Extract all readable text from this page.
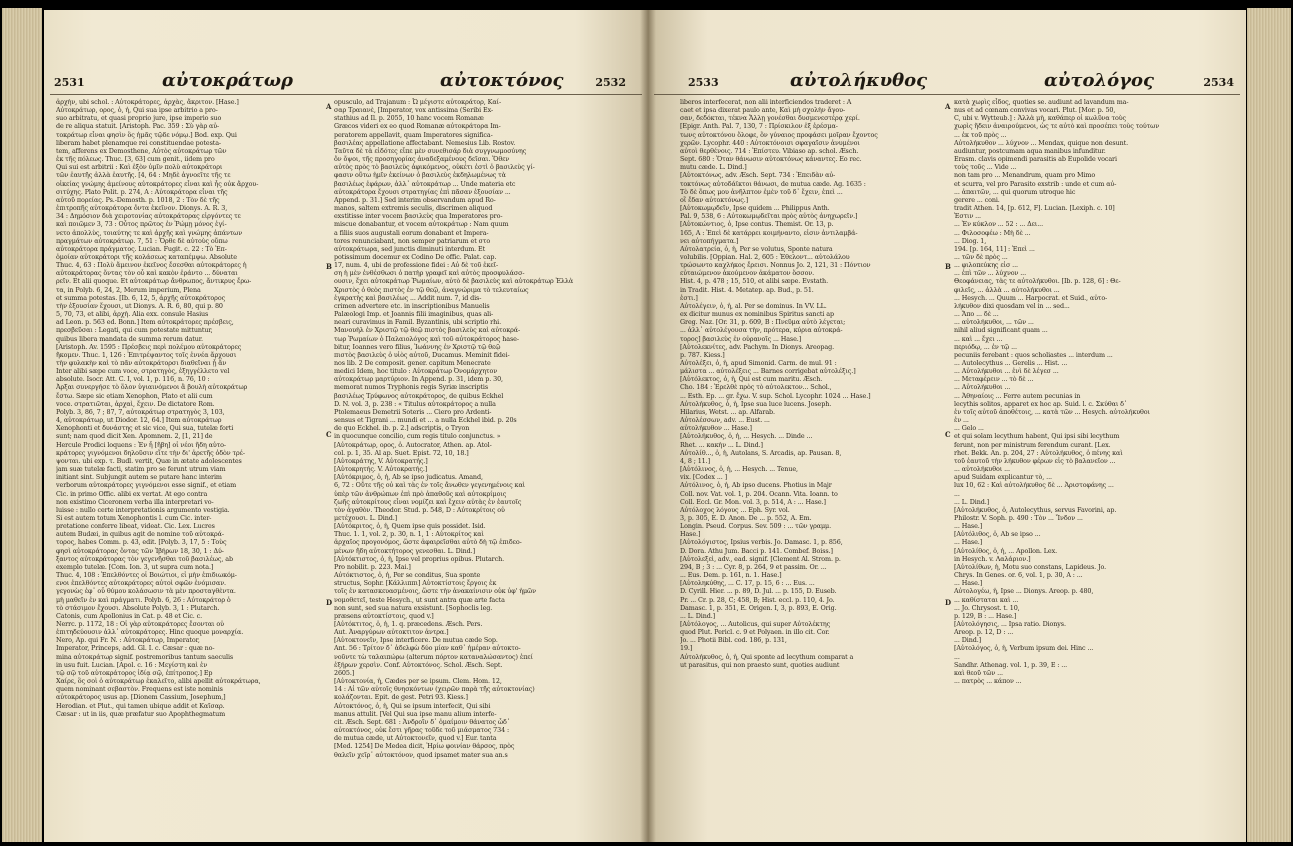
2531	αὐτοκράτωρ	αὐτοκτόνος	2532
ἀρχὴν, ubi schol. : Αὐτοκράτορες, ἀρχὰς, ἄκριτον. [Hase.]
Αὐτοκράτωρ, ορος, ὁ, ἡ, Qui sua ipse arbitrio a pro-
suo arbitratu, et quasi proprio jure, ipse imperio suo
de re aliqua statuit. [Aristoph. Pac. 359 : Σὺ γὰρ αὐ-
τοκράτωρ εἶναι φησὶν ὃς ἡμᾶς τῷδε νόμῳ.] Bod. exp. Qui
liberam habet plenamque rei constituendae potesta-
tem, afferens ex Demosthene, Αὐτὸς αὐτοκράτωρ τῶν
ἐκ τῆς πόλεως. Thuc. [3, 63] cum genit., iidem pro
Qui sui est arbitrii : Καὶ ἐξὸν ὑμῖν πολὺ αὐτοκράτορι
τῶν ἐαυτῆς ἀλλὰ ἑαυτῆς. [4, 64 : Μηδὲ ἀγνοεῖτε τῆς τε
οἰκείας γνώμης ἀμείνους αὐτοκράτορες εἶναι καὶ ἧς οὐκ ἄρχου-
σιτύχης. Plato Polit. p. 274, A : Αὐτοκράτορα εἶναι τῆς
αὐτοῦ πορείας. Ps.-Demosth. p. 1018, 2 : Τὸν δὲ τῆς
ἐπιτροπῆς αὐτοκράτορα ὄντα ἐκεῖνον. Dionys. A. R. 3,
34 : Δημόσιον διὰ χειροτονίας αὐτοκράτορας εἰργόντες τε
καὶ ποιῶμεν 3, 73 : Οὗτος πρῶτος ἐν Ῥώμῃ μόνος ἐγί-
νετο ἀπολλὺς, τοιαύτης τε καὶ ἀρχῆς καὶ γνώμης ἁπάντων
πραγμάτων αὐτοκράτωρ. 7, 51 : Ὅρθε δὲ αὐτοὺς οὔπω
αὐτοκράτορα πράγματος. Lucian. Fugit. c. 22 : Τὸ Ἐπ-
ὁμοίαν αὐτοκράτορι τῆς κολάσεως καταπέμψω. Absolute
Thuc. 4, 63 : Πολὺ ἄμεινον ἐκεῖνος ἔσεσθαι αὐτοκράτορες ἡ
αὐτοκράτορας ὄντας τὸν οὖ καὶ κακὸν ἐράντο ... δύναται
ρεῖν. Et alii quoque. Et αὐτοκράτωρ ἄνθρωπος, ἄντικρυς ἔρω-
τα, in Polyb. 6, 24, 2, Merum imperium, Plena
et summa potestas. [Ib. 6, 12, 5, ἀρχῆς αὐτοκράτορος
τὴν ἐξουσίαν ἔχουσι, ut Dionys. A. R. 6, 80, qui p. 80
5, 70, 73, et alibi, ἀρχὴ. Alia exx. consule Hasius
ad Leon. p. 563 ed. Bonn.] Item αὐτοκράτορες πρέσβεις,
πρεσβεῦσαι : Legati, qui cum potestate mittuntur,
quibus libera mandata de summa rerum datur.
[Aristoph. Av. 1595 : Πρέσβεις περὶ πολέμου αὐτοκράτορες
ἥκομεν. Thuc. 1, 126 : Ἐπιτρέψαντος τοῖς ἐννέα ἄρχουσι
τὴν φυλακὴν καὶ τὸ πᾶν αὐτοκράτορσι διαθεῖναι ᾗ ἄν
Inter alibi sæpe cum voce, στρατηγὸς, ἐξηγγέλλετο vel
absolute. Isocr. Att. C. I, vol. 1, p. 116, n. 76, 10 :
Ἀρξαι συνεργήσε τὸ ὅλον ὑγιαινόμενοι ἃ βουλὴ αὐτοκράτωρ
ἔστω. Sæpe sic etiam Xenophon, Plato et alii cum
voce. στρατιῶται, ἀρχαὶ, ἔχειν. De dictatore Rom.
Polyb. 3, 86, 7 ; 87, 7, αὐτοκράτωρ στρατηγὸς 3, 103,
4, αὐτοκράτωρ, ut Diodor. 12, 64.] Item αὐτοκράτωρ
Xenophonti et δυνάστης et sic vice, Qui sua, tutelæ forti
sunt; nam quod dicit Xen. Apomnem. 2, [1, 21] de
Hercule Prodici loquens : Ἐν ἧ [ἥβη] οἱ νέοι ἤδη αὐτο-
κράτορες γιγνόμενοι δηλοῦσιν εἴτε τὴν δι' ἀρετῆς ὁδὸν τρέ-
ψονται. ubi exp. τ. Budl. vertit, Quæ in ætate adolescentes
jam suæ tutelæ facti, statim pro se ferunt utrum viam
initiant sint. Subjungit autem se putare hanc interim
verborum αὐτοκράτορες γιγνόμενοι esse signif., et etiam
Cic. in primo Offic. alibi ex vertat. At ego contra
non existimo Ciceronem verba illa interpretari vo-
luisse : nullo certe interpretationis argumento vestigia.
Si est autem totum Xenophontis l. cum Cic. inter-
pretatione conferre libeat, videat. Cic. Lex. Lucres
autem Budæi, in quibus agit de nomine τοῦ αὐτοκρά-
τορος, habes Comm. p. 43, edit. [Polyb. 3, 17, 5 : Τοὺς
φησὶ αὐτοκράτορας ὄντας τῶν Ἰβήρων 18, 30, 1 : Δύ-
ξαντος αὐτοκράτορας τὸν γεγενῆσθαι τοῦ βασιλέως, ab
exemplo tutelæ. [Com. Ion. 3, ut supra cum nota.]
Thuc. 4, 108 : Ἐπελθόντες οἱ Βοιώτιοι, εἰ μὴν ἐπιδιωκόμ-
ενοι ἐπελθόντες αὐτοκράτορες αὐτοὶ σφῶν ἐνόμισαν.
γεγονὼς ἐφ᾽ οὗ θύμου κολάσωσιν τὰ μὲν προσταγθὲντα.
μὴ μαθεῖν ἐν καὶ πράγματι. Polyb. 6, 26 : Αὐτοκράτορ ὁ
τὸ στάσιμον ἔχουσι. Absolute Polyb. 3, 1 : Plutarch.
Catonis, cum Apollonius in Cat. p. 48 et Cic. c.
Nerrc. p. 1172, 18 : Οἱ γὰρ αὐτοκράτορες ἔσονται οὐ
ἐπιτηδεύουσιν ἀλλ᾽ αὐτοκράτορες. Hinc quoque μοναρχία.
Nero, Ap. qui Fr. N. : Αὐτοκράτωρ, Imperator,
Imperator, Princeps, add. Gl. I. c. Cæsar : quæ no-
mina αὐτοκράτωρ signif. postremoribus tantum saeculis
in usu fuit. Lucian. [Apol. c. 16 : Μεγίστη καὶ ἐν
τῷ σῷ τοῦ αὐτοκράτορος ἰδίᾳ σῷ, ἐπίτροπος.] Ep
Χαίρε, ὃς σοὶ ὁ αὐτοκράτωρ ἐκαλεῖτο, alibi apellit αὐτοκράτωρα,
quem nominant σεβαστὸν. Frequens est iste nominis
αὐτοκράτορος usus ap. [Dionem Cassium, Josephum,]
Herodian. et Plut., qui tamen ubique addit et Καῖσαρ.
Cæsar : ut in iis, quæ præfatur suo Apophthegmatum
opusculo, ad Trajanum : Ὦ μέγιστε αὐτοκράτορ, Καί-
σαρ Τραιανὲ, [Imperator, vox antissima (Seribi Ex-
stathius ad Il. p. 2055, 10 hanc vocem Romanæ
Græcos videri ex eo quod Romanæ αὐτοκράτορα Im-
peratorem appellavit, quam Imperatores significa-
βασιλέας appellatione affectabant. Nemesius Lib. Rostov.
Ταῦτα δὲ τὰ εἰδότες εἶπε μὲν συνεθισάρ διὰ συγγνωμοσύνης
ὄν ὄψοι, τῆς προσηγορίας ἀναδεξαμένους δεῖσαι. Ὅθεν
αὐτὸς πρὸς τὸ βασιλεὺς ἀφικόμενος, οὐκέτι ἐστὶ ὁ βασιλεὺς γί-
φασιν οὕτω ἡμῖν ἐκείνων ὁ βασιλεὺς ἐκδηλωμένως τὰ
βασιλέως ἐφάρων, ἀλλ᾽ αὐτοκράτωρ ... Unde materia etc
αὐτοκράτορα ἔχουσι στρατηγίας ἐπὶ πᾶσαν ἐξουσίαν ...
Append. p. 31.] Sed interim observandum apud Ro-
manos, saltem extremis seculis, discrimen aliquod
exstitisse inter vocem βασιλεὺς qua Imperatores pro-
miscue donabantur, et vocem αὐτοκράτωρ : Nam quum
a filiis suos augustali eorum donabant et Impera-
tores renunciabant, non semper patriarum et στο
αὐτοκράτωρα, sed junctis diminuti interdum. Et
potissimum docemur ex Codino De offic. Palat. cap.
17, num. 4, ubi de professione fidei : Αὐ δὲ τοῦ ἐκεῖ-
ση ἡ μὲν ἐνθέσθωσι ὁ πατὴρ γραφεῖ καὶ αὐτὸς προσφυλάσσ-
ουσιν, ἔχει αὐτοκράτωρ Ῥωμαίων, αὐτὸ δὲ βασιλεὺς καὶ αὐτοκράτωρ Ἐλλὰ
Χριστὸς ὁ θεὸς πιστὸς ἐν τῷ θεῷ, ἀναγνώριμα τὸ τελευταίως
ἐγκρατὴς καὶ βασιλέως ... Addit num. 7, id dis-
crimen advertere etc. in inscriptionibus Manuelis
Palæologi Imp. et Joannis filii imaginibus, quas ali-
neari curavimus in Famil. Byzantinis, ubi scriptio rhi.
Μανουὴλ ἐν Χριστῷ τῷ θεῷ πιστὸς βασιλεὺς καὶ αὐτοκρά-
τωρ Ῥωμαίων ὁ Παλαιολόγος καὶ τοῦ αὐτοκράτορος hase-
bitur, Ioannes vero filius, Ἰωάννης ἐν Χριστῷ τῷ θεῷ
πιστὸς βασιλεὺς ὁ υἱὸς αὐτοῦ, Ducamus. Meminit fidei-
nos lib. 2 De composit. gener. capitum Menecrate
medici Idem, hoc titulo : Αὐτοκράτωρ Ὀνομάρχητον
αὐτοκράτωρ μαρτύριον. In Append. p. 31, idem p. 30,
memorat numos Tryphonis regis Syriæ inscriptis
βασιλέως Τρύφωνος αὐτοκράτορος, de quibus Eckhel
D. N. vol. 3, p. 238 : « Titulus αὐτοκράτορος a nulla
Ptolemaeus Demetrii Soteris ... Ciero pro Ardenti-
sensus et Tigrani ... mundi et ... a nulla Eckhel ibid. p. 20s
de quo Eckhel. ib. p. 2.] adscriptis, o Tryon
in quocunque concilio, cum regis titulo conjunctus. »
[Αὐτοκράτωρ, ορος, ὁ. Autocrator, Athen. ap. Atol-
col. p. 1, 35. Al ap. Suet. Epist. 72, 10, 18.]
[Αὐτοκράτης, V. Αὐτοκρατής.]
[Αὐτοκρητής. V. Αὐτοκρατής.]
[Αὐτόκριμος, ὁ, ἡ, Ab se ipso judicatus. Amand,
6, 72 : Οὔτε τῆς οὐ καὶ τὰς ἐν τοῖς ἄνωθεν γεγενημένοις καὶ
ὑπὲρ τῶν ἀνθρώπων ἐπὶ πρὸ ἀπαθοῦς καὶ αὐτοκρίμοις
ζωῆς αὐτοκρίτους εἶναι νομίζει καὶ ἔχειν αὐτὰς ἐν ἑαυτοῖς
τὸν ἀγαθὸν. Theodor. Stud. p. 548, D : Αὐτοκρίτοις οὐ
μετέχουσι. L. Dind.]
[Αὐτόκριτος, ὁ, ἡ, Quem ipse quis possidet. Isid.
Thuc. 1. 1, vol. 2, p. 30, n. 1, 1 : Αὐτοκρίτος καὶ
ἀρχαῖος προγονόμος, ὥστε ἀφαιρεῖσθαι αὐτὸ δὴ τῷ ἐπιδεο-
μένων ἤδη αὐτοκτήτορος γενεσθαι. L. Dind.]
[Αὐτόκτιστος, ὁ, ἡ, Ipse vel proprius opibus. Plutarch.
Pro nobilit. p. 223. Mai.]
Αὐτόκτιστος, ὁ, ἡ, Per se conditus, Sua sponte
structus, Sophr. [Κάλλιππι] Αὐτοκτίστοις ἔργοις ἐκ
τοῖς ἐν κατασκευασμένοις, ὥστε τὴν ἀνακαίνισιν οὐκ ὑφ' ἡμῶν
νομοθετεῖ, teste Hesych., ut sunt antra quæ arte facta
non sunt, sed sua natura exsistunt. [Sophoclis leg.
præsens αὐτοκτίστοις, quod v.]
[Αὐτόκτιτος, ὁ, ἡ, 1. q. præcedens. Æsch. Pers.
Aut. Ἀναργύρων αὐτοκτιτον ἀντρα.]
[Αὐτοκτονεῖν, Ipse interficere. De mutua cæde Sop.
Ant. 56 : Τρίτον δ᾽ ἀδελφὼ δύο μίαν καθ᾽ ἡμέραν αὐτοκτο-
νοῦντε τὼ ταλαιπώρω (alterum πόρτον καταναλώσαντος) ἐπεί
ἐξήρων χερσὶν. Conf. Αὐτοκτόνος. Schol. Æsch. Sept.
2605.]
[Αὐτοκτονία, ἡ, Cædes per se ipsum. Clem. Hom. 12,
14 : Αἱ τῶν αὐτοῖς θνησκόντων (χειρῶν παρὰ τῆς αὐτοκτονίας)
κολάζονται. Epit. de gest. Petri 93. Kiess.]
Αὐτοκτόνος, ὁ, ἡ, Qui se ipsum interfecit, Qui sibi
manus attulit. [Vel Qui sua ipse manu alium interfe-
cit. Æsch. Sept. 681 : Ἀνδροῖν δ᾽ ὁμαίμοιν θάνατος ὧδ᾽
αὐτοκτόνος, οὐκ ἔστι γῆρας τοῦδε τοῦ μιάσματος 734 :
de mutua cæde, ut Αὐτοκτονεῖν, quod v.] Eur. tanta
[Med. 1254] De Medea dicit, Ἠρίω φοινίαν θάρσος, πρὸς
θαλεῖν χεῖρ᾽ αὐτοκτόνον, quod ipsamet mater sua an.s
A
B
C
D
2533	αὐτολήκυθος	αὐτολόγος	2534
liberos interfecerat, non alii interficiendos traderet : A
caet et ipsa dixerat paulo ante, Καὶ μὴ σχολὴν ἄγου-
σαν, δεδόκται, τέκνα Ἄλλῃ γονέσθαι δυσμενεστέρᾳ χερί.
[Epigr. Anth. Pal. 7, 130, 7 : Πρίσκιλον ἐξ ἐρέσμα-
τωνς αὐτοκτόνου ὅλοφε, ὃν γύναιος προφάσει μοῖραν ἔχοντος
χερῶν. Lycophr. 440 : Αὐτοκτόνοισι σφαγαῖσιν ἀνυμένοι
αὐτοὶ θερθένοις. 714 : Ἐπίστευ. Vibiaso ap. schol. Æsch.
Sept. 680 : Ὅταν θάνωσιν αὐτοκτόνως κάναντες. Eo rec.
mutu cæde. L. Dind.]
[Αὐτοκτόνως, adv. Æsch. Sept. 734 : Ἐπειδὰν αὐ-
τοκτόνως αὐτοδάϊκτοι θάνωσι, de mutua cæde. Ag. 1635 :
Τὸ δὲ ὅπως μου ἀνῆλπτον ἐμὲν τοῦ δ᾽ ἔχειν, ἐπεὶ ...
οἳ ἔδαν αὐτοκτόνως.]
[Αὐτοκωμῳδεῖν, Ipse quidem ... Philippus Anth.
Pal. 9, 538, 6 : Αὐτοκωμῳδεῖται πρὸς αὐτὸς ἀνηχωρεῖν.]
[Αὐτοκώντιος, ὁ, Ipse contus. Themist. Or. 13, p.
165, A : Ἐπεὶ δὲ κατάρρει κοιμήναντο, εἰσιν ἀντιλαμβά-
νει αὐτοπήγματα.]
Αὐτολατρεία, ὁ, ἡ, Per se volutus, Sponte natura
volubilis. [Oppian. Hal. 2, 605 : Ἐθελοντ... αὐτολάλου
τρώσωντο καχλήκος ἔρεισι. Nonnus Jo. 2, 121, 31 : Πόντιον
εὐταιώμενον ἀκούμενον ἀκάματον ὅσσον.
Hist. 4, p. 478 ; 15, 510, et alibi sæpe. Evstath.
in Tradit. Hist. 4. Metatep. ap. Bud., p. 51.
ἐστι.]
Αὐτολέγειν, ὁ, ἡ, al. Per se dominus. In VV. LL.
ex dicitur munus ex nominibus Spiritus sancti ap
Greg. Naz. [Or. 31, p. 609, B : Πνεῦμα αὐτὸ λέγεται;
... ἀλλ᾽ αὐτολέγουσα τὴν, πρότερα, κύρια αὐτοκρά-
τορος] βασιλεὺς ἐν οὐρανοῖς ... Hase.]
[Αὐτολεκνίτες, adv. Pachym. In Dionys. Areopag.
p. 787. Kiess.]
Αὐτολέξει, ὁ, ἡ, apud Simonid. Carm. de mul. 91 :
μάλιστα ... αὐτολέξεις ... Barnes corrigebat αὐτολέξις.]
[Αὐτόλεκτος, ὁ, ἡ, Qui est cum maritu. Æsch.
Cho. 184 : Ἐρελθὲ πρὸς τὸ αὐτολεκτον... Schol.,
... Esth. Ep. ... gr. ἔχω. V. sup. Schol. Lycophr. 1024 ... Hase.]
Αὐτολήκυθος, ὁ, ἡ, Ipse sua luce lucens. Joseph.
Hilarius, Wetst. ... ap. Alfarab.
Αὐτολέσσων, adv. ... Eust. ...
αὐτολήκυθον ... Hase.]
[Αὐτολήκυθος, ὁ, ἡ, ... Hesych. ... Dinde ...
Rhet. ... κακὴν ... L. Dind.]
Αὐτολίθ..., ὁ, ἡ, Autolans, S. Arcadis, ap. Pausan. 8,
4, 8 ; 11.]
[Αὐτόλινος, ὁ, ἡ, ... Hesych. ... Tenue,
vix. [Codex ... ]
Αὐτόλινος, ὁ, ἡ, Ab ipso ducens. Photius in Majr
Coll. nov. Vat. vol. 1, p. 204. Ocann. Vita. Ioann. to
Coll. Eccl. Gr. Mon. vol. 3, p. 514, A : ... Hase.]
Αὐτόλοχος λόγους ... Eph. Syr. vol.
3, p. 305, E. D. Anon. De ... p. 552, A. Em.
Longin. Pseud. Corpus. Sev. 509 : ... τῶν γραμμ.
Hase.]
[Αὐτολόγιστος, Ipsius verbis. Jo. Damasc. 1, p. 856,
D. Dora. Athu Jum. Bacci p. 141. Combef. Boiss.]
[Αὐτολεξεὶ, adv., ead. signif. [Clement Al. Strom. p.
294, B ; 3 : ... Cyr. 8, p. 264, 9 et passim. Or. ...
... Eus. Dem. p. 161, n. 1. Hase.]
[Αὐτοληκύθης, ... C. 17, p. 15, 6 : ... Eus. ...
D. Cyrill. Hier. ... p. 89, D. Jul. ... p. 155, D. Euseb.
Pr. ... Cr. p. 28, C; 458, B; Hist. eccl. p. 110, 4. Jo.
Damasc. 1, p. 351, E. Origen. I, 3, p. 893, E. Orig.
... L. Dind.]
[Αὐτόλογος, ... Autolicus, qui super Αὐτολέκτης
quod Plut. Pericl. c. 9 et Polyaen. in illo cit. Cor.
Jo. ... Photii Bibl. cod. 186, p. 131,
19.]
Αὐτολήκυθος, ὁ, ἡ, Qui sponte ad lecythum comparat a
ut parasitus, qui non praesto sunt, quoties audiunt
κατὰ χωρὶς εἶδος, quoties se. audiunt ad lavandum ma-
nus et ad cœnam convivas vocari. Plut. [Mor. p. 50,
C, ubi v. Wytteub.] : Ἀλλὰ μὴ, καθάπερ οἱ κωλῦνα τοὺς
χωρὶς ἤδειν ἀναιρούμενοι, ὡς τε αὐτὸ καὶ προσέπει τοὺς τούτων
... ἐκ τοῦ πρὸς ...
Αὐτολήκυθον ... λύχνον ... Mendax, quique non desunt.
audiuntur, postcumam aqua manibus infunditur.
Erasm. clavis opimendi parasitis ab Eupolide vocari
τοὺς τοῦς ... Vide ...
non tam pro ... Menandrum, quam pro Mimo
et scurra, vel pro Parasito exstrib : unde et cum αὐ-
... ἀπαιτῶν, ... qui quorum utroque hic
gerere ... coni.
tradit Athen. 14, [p. 612, F]. Lucian. [Lexiph. c. 10]
Ἐστιν ...
... Ἐν κύκλον ... 52 : ... Δει...
... Φιλοσοφέω : Μὴ δὲ ...
... Diog. 1,
194. [p. 164, 11] : Ἐπεὶ ...
... τῶν δὲ πρὸς ...
... φιλοπεύκης εἰσ ...
... ἐπὶ τῶν ... λύχνον ...
Θεοφάνειας, τὰς τε αὐτολήκυθοι. [Ib. p. 128, 6] : Θε-
φιλεῖς, ... ἀλλὰ ... αὐτολήκυθοι ...
... Hesych. ... Quum ... Harpocrat. et Suid., αὐτο-
λήκυθον dixi quosdam vel in ... sed...
... Ἄπο ... δὲ ...
... αὐτολήκυθοι, ... τῶν ...
nihil aliud significant quam ...
... καὶ ... ἔχει ...
περιόδῳ, ... ἐν τῷ ...
pecuniis ferebant : quos scholiastes ... interdum ...
... Autolecythus ... Gerelis ... Hist. ...
... Αὐτολήκυθοι ... ἐνὶ δὲ λέγεσ ...
... Μεταφέρειν ... τὸ δὲ ...
... Αὐτολήκυθοι ...
... Ἀθηναίοις ... Ferre autem pecunias in
lecythis solitos, apparet ex hoc ap. Suid. l. c. Σκύθαι δ᾽
ἐν τοῖς αὐτοῦ ἀποθέτοις, ... κατὰ τῶν ... Hesych. αὐτολήκυθοι
ἐν ...
... Gelo ...
et qui solam lecythum habent, Qui ipsi sibi lecythum
ferunt, non per ministrum ferendum curant. [Lex.
rhet. Bekk. An. p. 204, 27 : Αὐτολήκυθος, ὁ πένης καὶ
τοῦ ἑαυτοῦ τὴν λήκυθον φέρων εἰς τὸ βαλανεῖον ...
... αὐτολήκυθοι ...
apud Suidam explicantur τὸ, ...
lux 10, 62 : Καὶ αὐτολήκυθος δὲ ... Ἀριστοφάνης ...
...
... L. Dind.]
[Αὐτολήκυθος, ὁ, Autolecythus, servus Favorini, ap.
Philostr. V. Soph. p. 490 : Τὸν ... Ἴνδον ...
... Hase.]
[Αὐτόλιθος, ὁ, Ab se ipso ...
... Hase.]
[Αὐτολίθος, ὁ, ἡ, ... Apollon. Lex.
in Hesych. v. Λαλάριον.]
[Αὐτολίθων, ἡ, Motu suo constans, Lapideus. Jo.
Chrys. In Genes. or. 6, vol. 1, p. 30, A : ...
... Hase.]
Αὐτολογέω, ἡ, Ipse ... Dionys. Areop. p. 480,
... καθίσταται καὶ ...
... Jo. Chrysost. t. 10,
p. 129, B : ... Hase.]
[Αὐτολόγησις, ... Ipsa ratio. Dionys.
Areop. p. 12, D : ...
... Dind.]
[Αὐτολόγος, ὁ, ἡ, Verbum ipsum dei. Hinc ...
...
Sandhr. Athenag. vol. 1, p. 39, E : ...
καὶ θεοῦ τῶν ...
... πατρὸς ... κάπον ...
A
B
C
D
